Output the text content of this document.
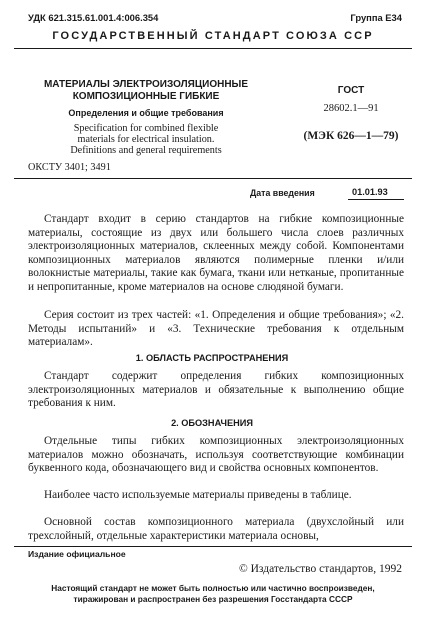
УДК 621.315.61.001.4:006.354	Группа Е34
ГОСУДАРСТВЕННЫЙ СТАНДАРТ СОЮЗА ССР
МАТЕРИАЛЫ ЭЛЕКТРОИЗОЛЯЦИОННЫЕ
КОМПОЗИЦИОННЫЕ ГИБКИЕ
Определения и общие требования
Specification for combined flexible
materials for electrical insulation.
Definitions and general requirements
ОКСТУ 3401; 3491
ГОСТ
28602.1—91
(МЭК 626—1—79)
Дата введения	01.01.93

Стандарт входит в серию стандартов на гибкие композиционные материалы, состоящие из двух или большего числа слоев различных электроизоляционных материалов, склеенных между собой. Компонентами композиционных материалов являются полимерные пленки и/или волокнистые материалы, такие как бумага, ткани или нетканые, пропитанные и непропитанные, кроме материалов на основе слюдяной бумаги.

Серия состоит из трех частей: «1. Определения и общие требования»; «2. Методы испытаний» и «3. Технические требования к отдельным материалам».

1. ОБЛАСТЬ РАСПРОСТРАНЕНИЯ

Стандарт содержит определения гибких композиционных электроизоляционных материалов и обязательные к выполнению общие требования к ним.

2. ОБОЗНАЧЕНИЯ

Отдельные типы гибких композиционных электроизоляционных материалов можно обозначать, используя соответствующие комбинации буквенного кода, обозначающего вид и свойства основных компонентов.

Наиболее часто используемые материалы приведены в таблице.

Основной состав композиционного материала (двухслойный или трехслойный, отдельные характеристики материала основы,

Издание официальное
© Издательство стандартов, 1992
Настоящий стандарт не может быть полностью или частично воспроизведен,
тиражирован и распространен без разрешения Госстандарта СССР
